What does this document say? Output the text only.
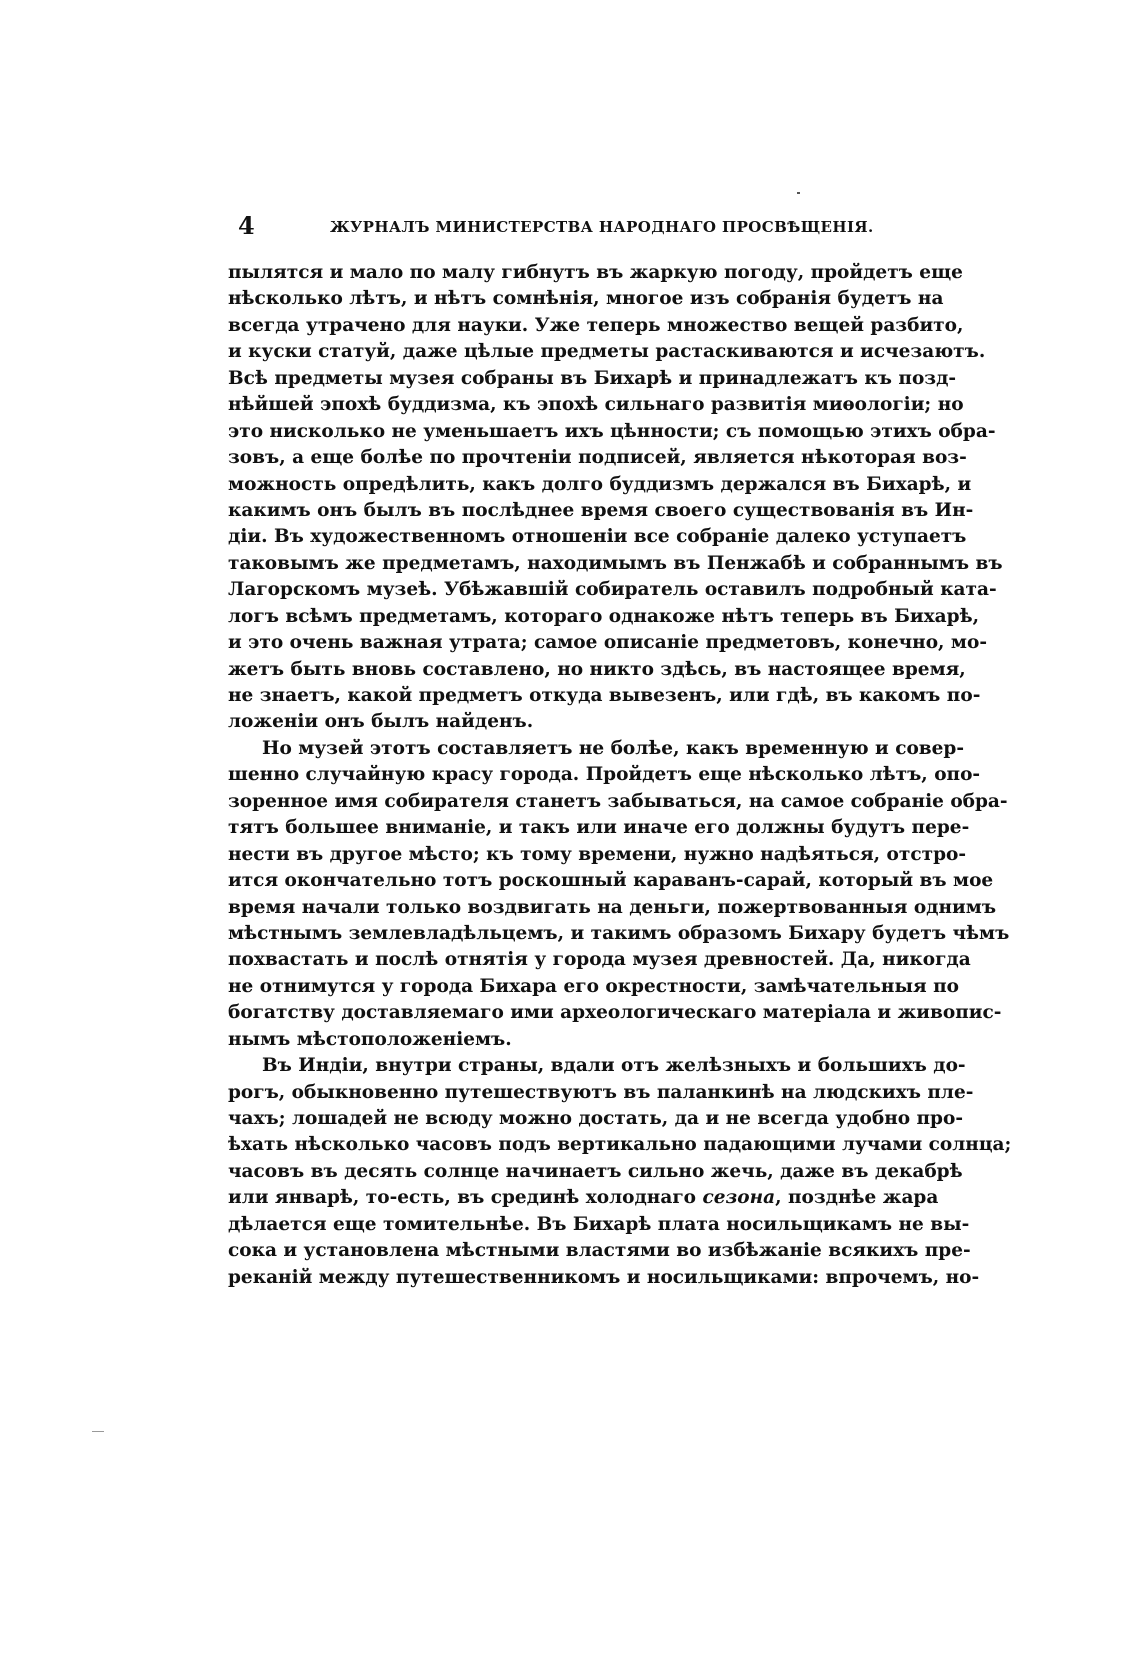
4	ЖУРНАЛЪ МИНИСТЕРСТВА НАРОДНАГО ПРОСВѢЩЕНІЯ.
пылятся и мало по малу гибнутъ въ жаркую погоду, пройдетъ еще
нѣсколько лѣтъ, и нѣтъ сомнѣнія, многое изъ собранія будетъ на
всегда утрачено для науки. Уже теперь множество вещей разбито,
и куски статуй, даже цѣлые предметы растаскиваются и исчезаютъ.
Всѣ предметы музея собраны въ Бихарѣ и принадлежатъ къ позд-
нѣйшей эпохѣ буддизма, къ эпохѣ сильнаго развитія миѳологіи; но
это нисколько не уменьшаетъ ихъ цѣнности; съ помощью этихъ обра-
зовъ, а еще болѣе по прочтеніи подписей, является нѣкоторая воз-
можность опредѣлить, какъ долго буддизмъ держался въ Бихарѣ, и
какимъ онъ былъ въ послѣднее время своего существованія въ Ин-
діи. Въ художественномъ отношеніи все собраніе далеко уступаетъ
таковымъ же предметамъ, находимымъ въ Пенжабѣ и собраннымъ въ
Лагорскомъ музеѣ. Убѣжавшій собиратель оставилъ подробный ката-
логъ всѣмъ предметамъ, котораго однакоже нѣтъ теперь въ Бихарѣ,
и это очень важная утрата; самое описаніе предметовъ, конечно, мо-
жетъ быть вновь составлено, но никто здѣсь, въ настоящее время,
не знаетъ, какой предметъ откуда вывезенъ, или гдѣ, въ какомъ по-
ложеніи онъ былъ найденъ.
Но музей этотъ составляетъ не болѣе, какъ временную и совер-
шенно случайную красу города. Пройдетъ еще нѣсколько лѣтъ, опо-
зоренное имя собирателя станетъ забываться, на самое собраніе обра-
тятъ большее вниманіе, и такъ или иначе его должны будутъ пере-
нести въ другое мѣсто; къ тому времени, нужно надѣяться, отстро-
ится окончательно тотъ роскошный караванъ-сарай, который въ мое
время начали только воздвигать на деньги, пожертвованныя однимъ
мѣстнымъ землевладѣльцемъ, и такимъ образомъ Бихару будетъ чѣмъ
похвастать и послѣ отнятія у города музея древностей. Да, никогда
не отнимутся у города Бихара его окрестности, замѣчательныя по
богатству доставляемаго ими археологическаго матеріала и живопис-
нымъ мѣстоположеніемъ.
Въ Индіи, внутри страны, вдали отъ желѣзныхъ и большихъ до-
рогъ, обыкновенно путешествуютъ въ паланкинѣ на людскихъ пле-
чахъ; лошадей не всюду можно достать, да и не всегда удобно про-
ѣхать нѣсколько часовъ подъ вертикально падающими лучами солнца;
часовъ въ десять солнце начинаетъ сильно жечь, даже въ декабрѣ
или январѣ, то-есть, въ срединѣ холоднаго сезона, позднѣе жара
дѣлается еще томительнѣе. Въ Бихарѣ плата носильщикамъ не вы-
сока и установлена мѣстными властями во избѣжаніе всякихъ пре-
реканій между путешественникомъ и носильщиками: впрочемъ, но-
